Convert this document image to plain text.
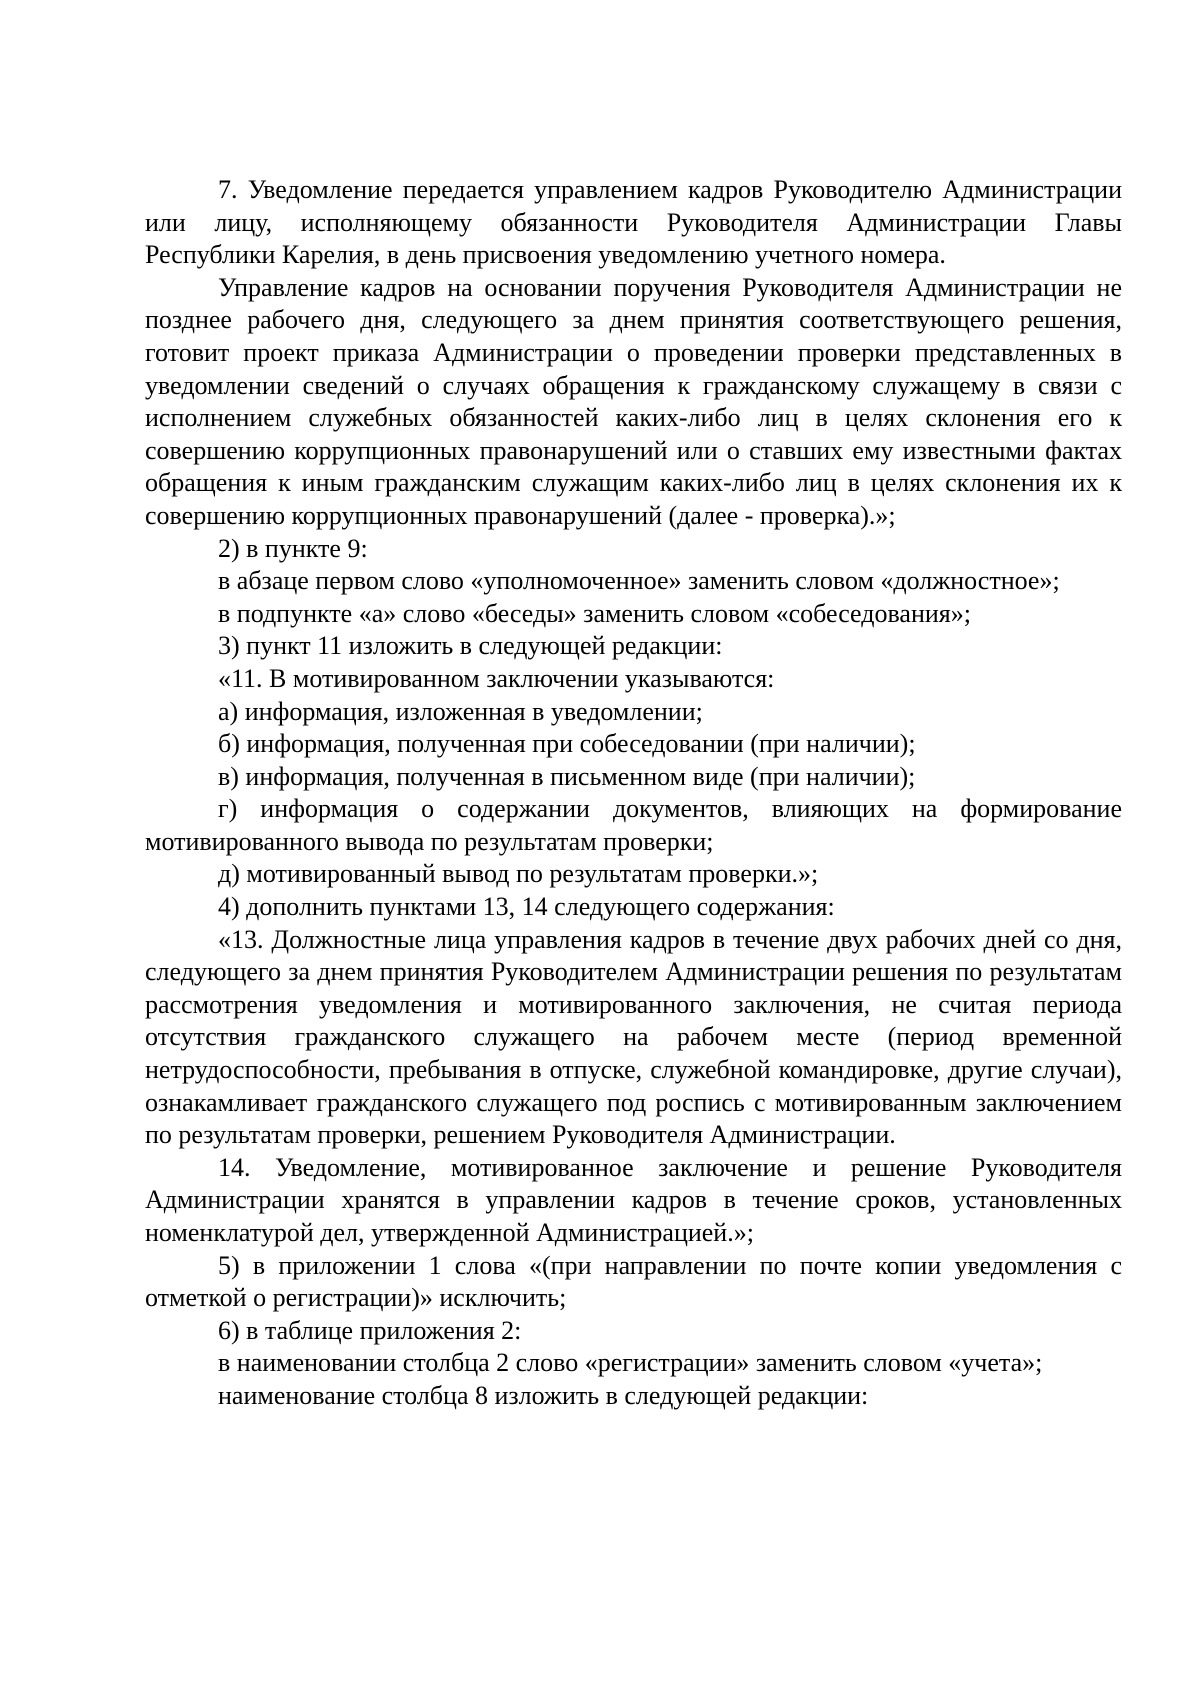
7. Уведомление передается управлением кадров Руководителю Администрации или лицу, исполняющему обязанности Руководителя Администрации Главы Республики Карелия, в день присвоения уведомлению учетного номера.

Управление кадров на основании поручения Руководителя Администрации не позднее рабочего дня, следующего за днем принятия соответствующего решения, готовит проект приказа Администрации о проведении проверки представленных в уведомлении сведений о случаях обращения к гражданскому служащему в связи с исполнением служебных обязанностей каких-либо лиц в целях склонения его к совершению коррупционных правонарушений или о ставших ему известными фактах обращения к иным гражданским служащим каких-либо лиц в целях склонения их к совершению коррупционных правонарушений (далее - проверка).»;

2) в пункте 9:

в абзаце первом слово «уполномоченное» заменить словом «должностное»;

в подпункте «а» слово «беседы» заменить словом «собеседования»;

3) пункт 11 изложить в следующей редакции:

«11. В мотивированном заключении указываются:

а) информация, изложенная в уведомлении;

б) информация, полученная при собеседовании (при наличии);

в) информация, полученная в письменном виде (при наличии);

г) информация о содержании документов, влияющих на формирование мотивированного вывода по результатам проверки;

д) мотивированный вывод по результатам проверки.»;

4) дополнить пунктами 13, 14 следующего содержания:

«13. Должностные лица управления кадров в течение двух рабочих дней со дня, следующего за днем принятия Руководителем Администрации решения по результатам рассмотрения уведомления и мотивированного заключения, не считая периода отсутствия гражданского служащего на рабочем месте (период временной нетрудоспособности, пребывания в отпуске, служебной командировке, другие случаи), ознакамливает гражданского служащего под роспись с мотивированным заключением по результатам проверки, решением Руководителя Администрации.

14. Уведомление, мотивированное заключение и решение Руководителя Администрации хранятся в управлении кадров в течение сроков, установленных номенклатурой дел, утвержденной Администрацией.»;

5) в приложении 1 слова «(при направлении по почте копии уведомления с отметкой о регистрации)» исключить;

6) в таблице приложения 2:

в наименовании столбца 2 слово «регистрации» заменить словом «учета»;

наименование столбца 8 изложить в следующей редакции:
